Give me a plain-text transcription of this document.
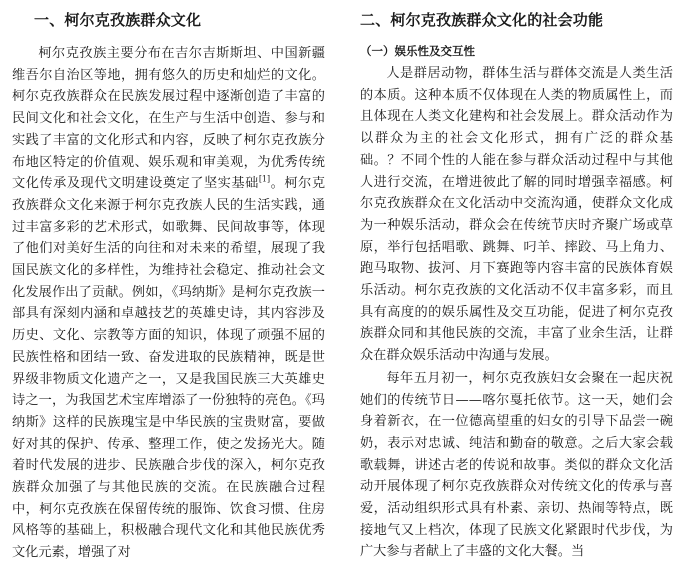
一、柯尔克孜族群众文化

柯尔克孜族主要分布在吉尔吉斯斯坦、中国新疆维吾尔自治区等地，拥有悠久的历史和灿烂的文化。柯尔克孜族群众在民族发展过程中逐渐创造了丰富的民间文化和社会文化，在生产与生活中创造、参与和实践了丰富的文化形式和内容，反映了柯尔克孜族分布地区特定的价值观、娱乐观和审美观，为优秀传统文化传承及现代文明建设奠定了坚实基础[1]。柯尔克孜族群众文化来源于柯尔克孜族人民的生活实践，通过丰富多彩的艺术形式，如歌舞、民间故事等，体现了他们对美好生活的向往和对未来的希望，展现了我国民族文化的多样性，为维持社会稳定、推动社会文化发展作出了贡献。例如，《玛纳斯》是柯尔克孜族一部具有深刻内涵和卓越技艺的英雄史诗，其内容涉及历史、文化、宗教等方面的知识，体现了顽强不屈的民族性格和团结一致、奋发进取的民族精神，既是世界级非物质文化遗产之一，又是我国民族三大英雄史诗之一，为我国艺术宝库增添了一份独特的亮色。《玛纳斯》这样的民族瑰宝是中华民族的宝贵财富，要做好对其的保护、传承、整理工作，使之发扬光大。随着时代发展的进步、民族融合步伐的深入，柯尔克孜族群众加强了与其他民族的交流。在民族融合过程中，柯尔克孜族在保留传统的服饰、饮食习惯、住房风格等的基础上，积极融合现代文化和其他民族优秀文化元素，增强了对

二、柯尔克孜族群众文化的社会功能
（一）娱乐性及交互性

人是群居动物，群体生活与群体交流是人类生活的本质。这种本质不仅体现在人类的物质属性上，而且体现在人类文化建构和社会发展上。群众活动作为以群众为主的社会文化形式，拥有广泛的群众基础。？不同个性的人能在参与群众活动过程中与其他人进行交流，在增进彼此了解的同时增强幸福感。柯尔克孜族群众在文化活动中交流沟通，使群众文化成为一种娱乐活动，群众会在传统节庆时齐聚广场或草原，举行包括唱歌、跳舞、叼羊、摔跤、马上角力、跑马取物、拔河、月下赛跑等内容丰富的民族体育娱乐活动。柯尔克孜族的文化活动不仅丰富多彩，而且具有高度的的娱乐属性及交互功能，促进了柯尔克孜族群众同和其他民族的交流，丰富了业余生活，让群众在群众娱乐活动中沟通与发展。

每年五月初一，柯尔克孜族妇女会聚在一起庆祝她们的传统节日——喀尔戛托依节。这一天，她们会身着新衣，在一位德高望重的妇女的引导下品尝一碗奶，表示对忠诚、纯洁和勤奋的敬意。之后大家会载歌载舞，讲述古老的传说和故事。类似的群众文化活动开展体现了柯尔克孜族群众对传统文化的传承与喜爱，活动组织形式具有朴素、亲切、热闹等特点，既接地气又上档次，体现了民族文化紧跟时代步伐，为广大参与者献上了丰盛的文化大餐。当
